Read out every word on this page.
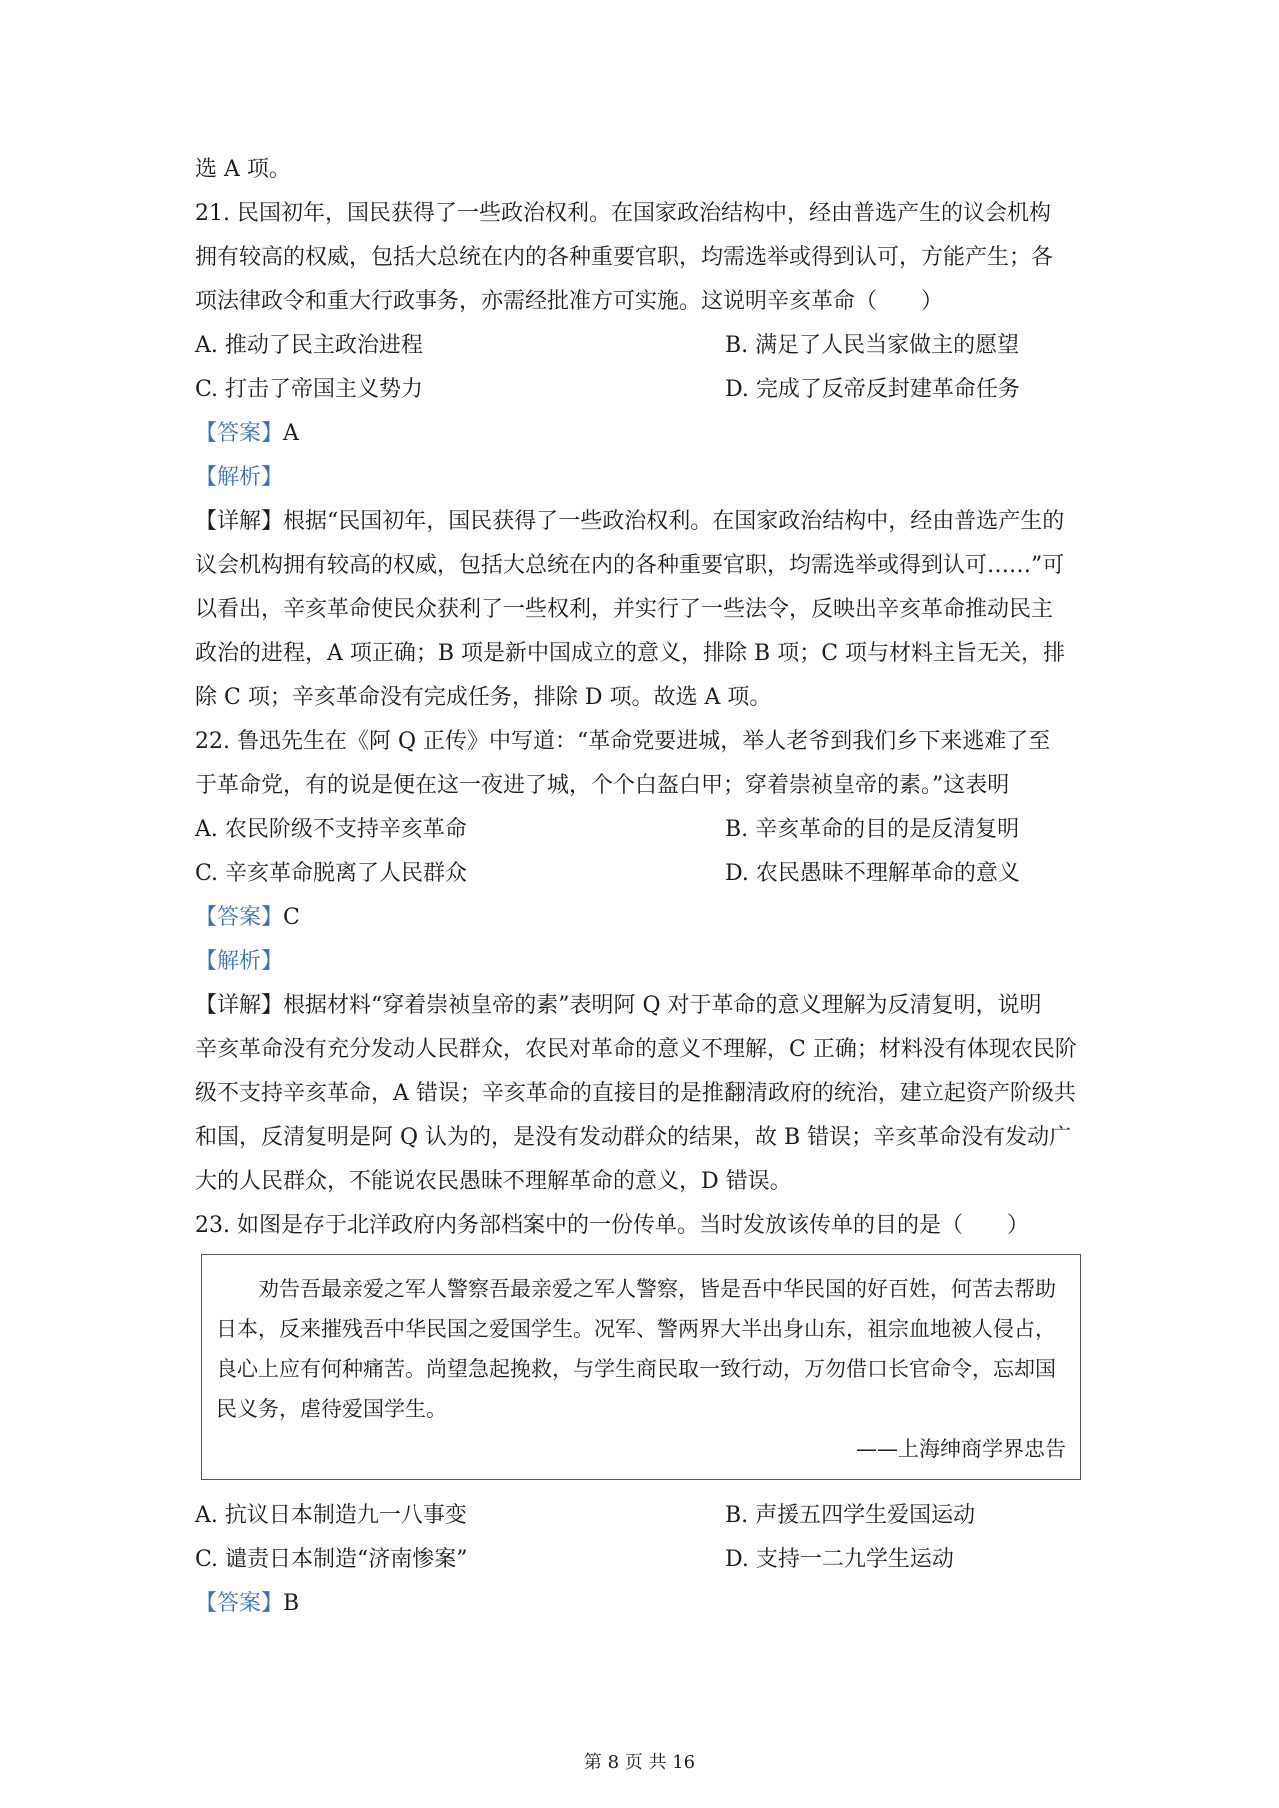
选 A 项。
21. 民国初年，国民获得了一些政治权利。在国家政治结构中，经由普选产生的议会机构
拥有较高的权威，包括大总统在内的各种重要官职，均需选举或得到认可，方能产生；各
项法律政令和重大行政事务，亦需经批准方可实施。这说明辛亥革命（　　）
A. 推动了民主政治进程	B. 满足了人民当家做主的愿望
C. 打击了帝国主义势力	D. 完成了反帝反封建革命任务
【答案】A
【解析】
【详解】根据“民国初年，国民获得了一些政治权利。在国家政治结构中，经由普选产生的
议会机构拥有较高的权威，包括大总统在内的各种重要官职，均需选举或得到认可……”可
以看出，辛亥革命使民众获利了一些权利，并实行了一些法令，反映出辛亥革命推动民主
政治的进程，A 项正确；B 项是新中国成立的意义，排除 B 项；C 项与材料主旨无关，排
除 C 项；辛亥革命没有完成任务，排除 D 项。故选 A 项。
22. 鲁迅先生在《阿 Q 正传》中写道：“革命党要进城，举人老爷到我们乡下来逃难了至
于革命党，有的说是便在这一夜进了城，个个白盔白甲；穿着崇祯皇帝的素。”这表明
A. 农民阶级不支持辛亥革命	B. 辛亥革命的目的是反清复明
C. 辛亥革命脱离了人民群众	D. 农民愚昧不理解革命的意义
【答案】C
【解析】
【详解】根据材料“穿着崇祯皇帝的素”表明阿 Q 对于革命的意义理解为反清复明，说明
辛亥革命没有充分发动人民群众，农民对革命的意义不理解，C 正确；材料没有体现农民阶
级不支持辛亥革命，A 错误；辛亥革命的直接目的是推翻清政府的统治，建立起资产阶级共
和国，反清复明是阿 Q 认为的，是没有发动群众的结果，故 B 错误；辛亥革命没有发动广
大的人民群众，不能说农民愚昧不理解革命的意义，D 错误。
23. 如图是存于北洋政府内务部档案中的一份传单。当时发放该传单的目的是（　　）
劝告吾最亲爱之军人警察吾最亲爱之军人警察，皆是吾中华民国的好百姓，何苦去帮助
日本，反来摧残吾中华民国之爱国学生。况军、警两界大半出身山东，祖宗血地被人侵占，
良心上应有何种痛苦。尚望急起挽救，与学生商民取一致行动，万勿借口长官命令，忘却国
民义务，虐待爱国学生。
——上海绅商学界忠告
A. 抗议日本制造九一八事变	B. 声援五四学生爱国运动
C. 谴责日本制造“济南惨案”	D. 支持一二九学生运动
【答案】B
第 8 页 共 16
